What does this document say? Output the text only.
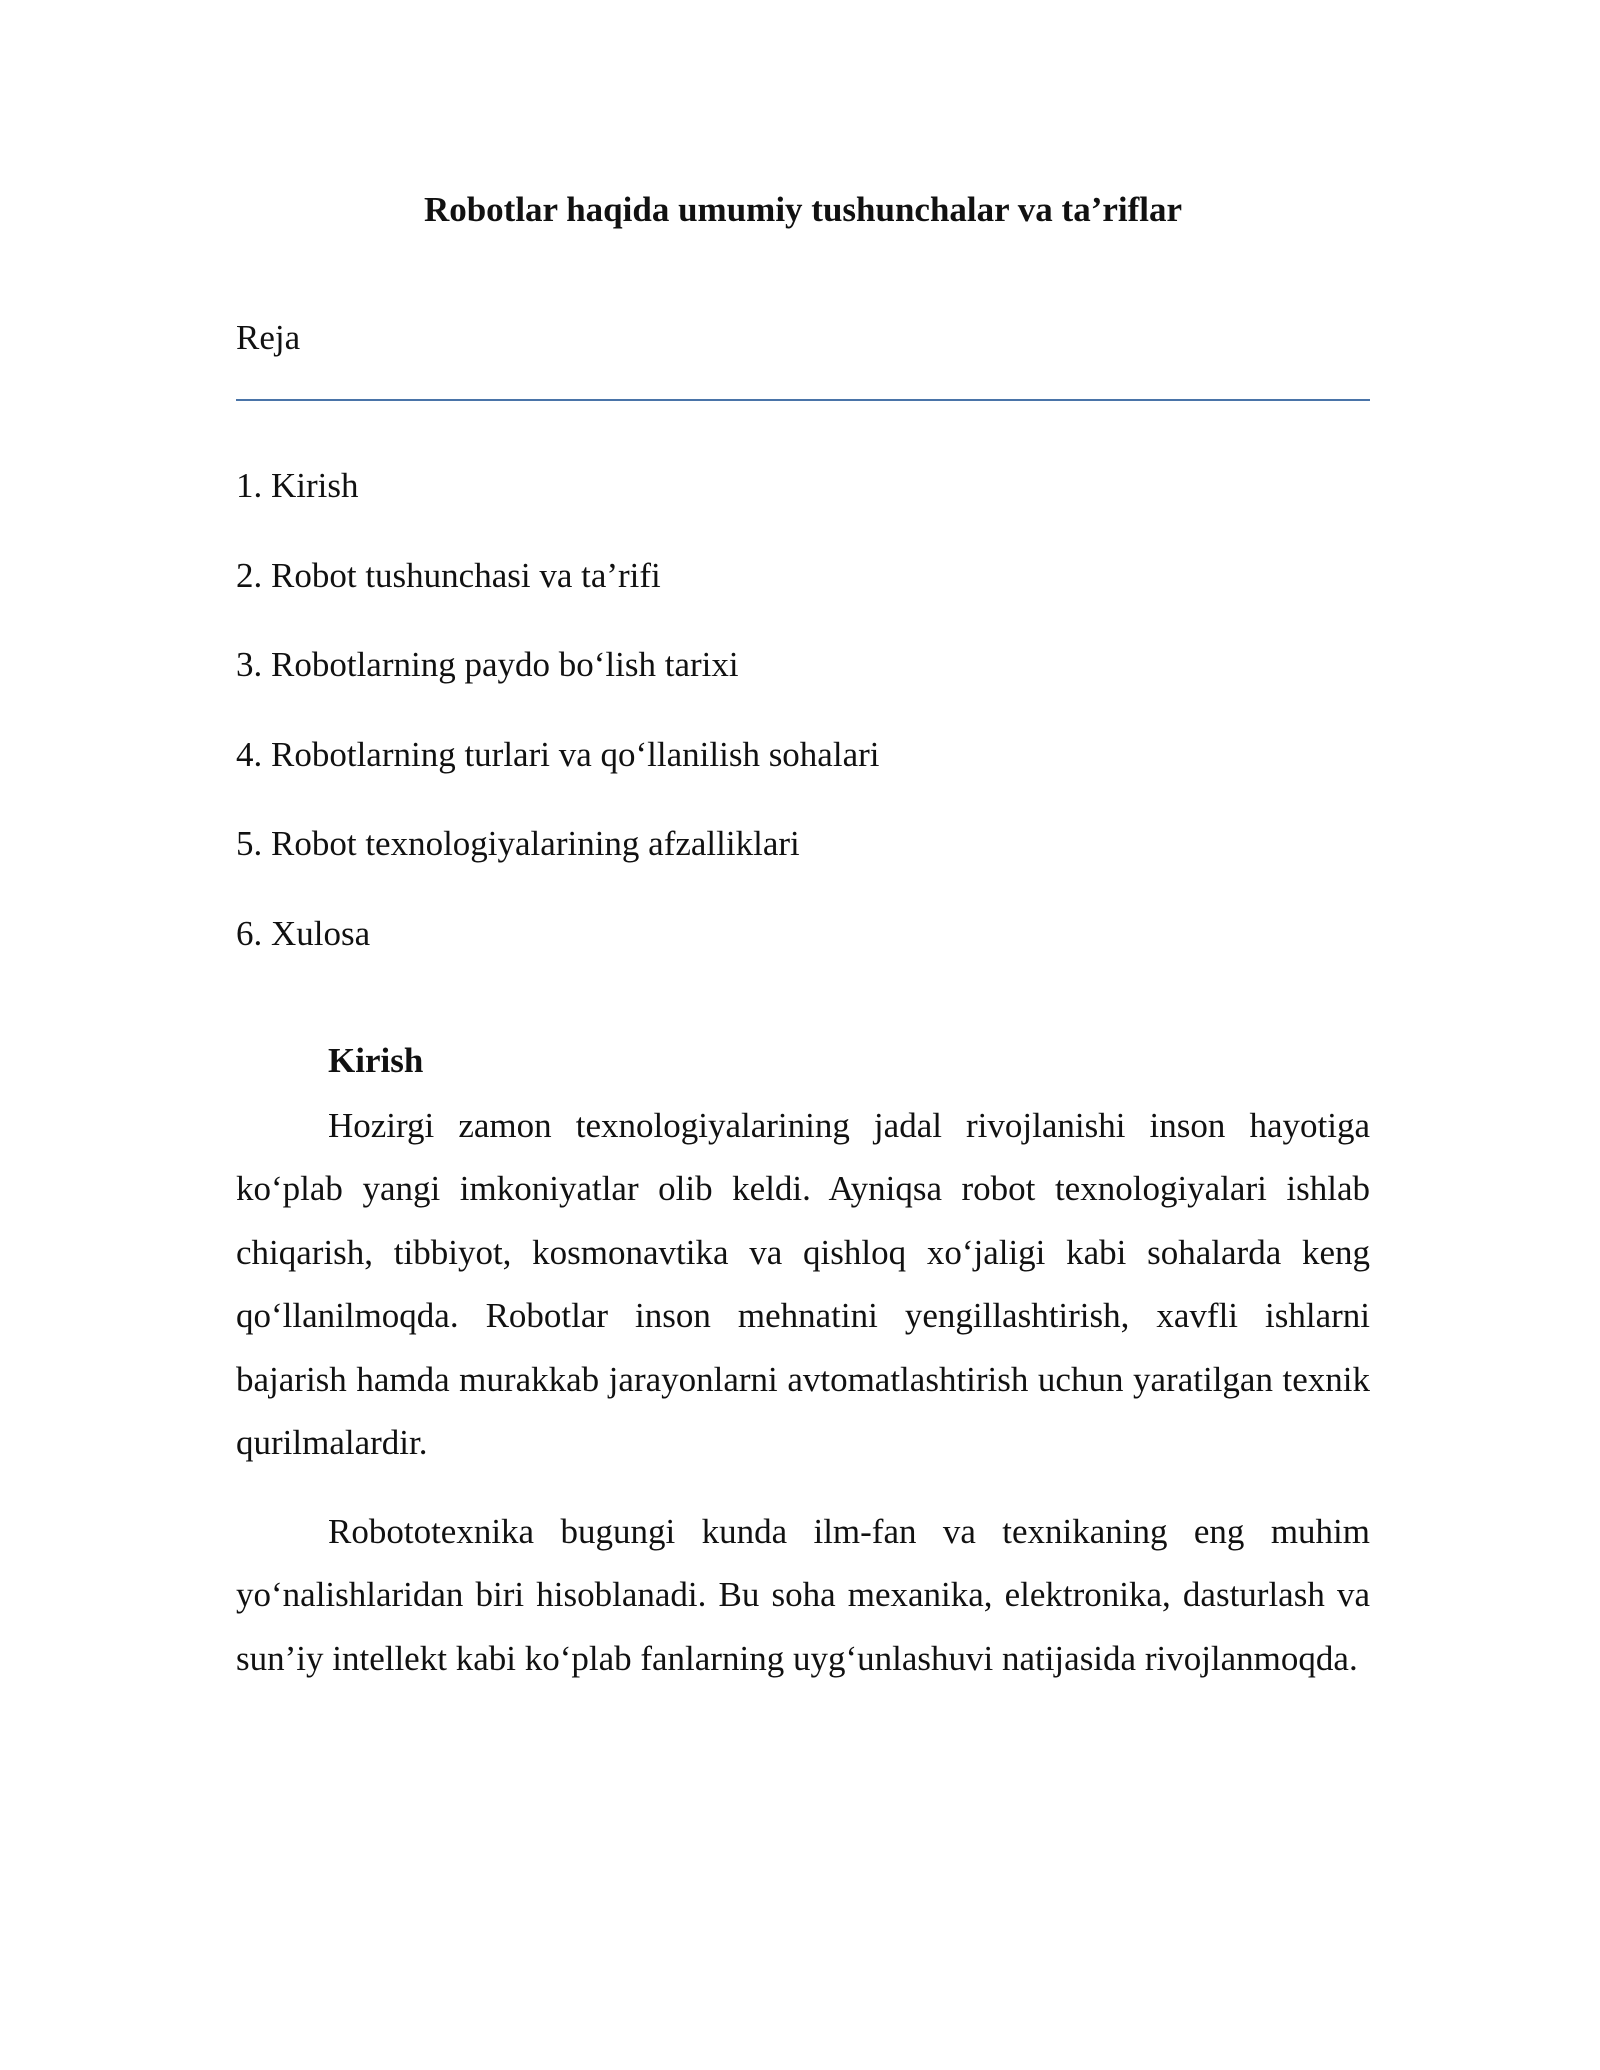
Robotlar haqida umumiy tushunchalar va ta’riflar

Reja

1. Kirish
2. Robot tushunchasi va ta’rifi
3. Robotlarning paydo bo‘lish tarixi
4. Robotlarning turlari va qo‘llanilish sohalari
5. Robot texnologiyalarining afzalliklari
6. Xulosa
Kirish

Hozirgi zamon texnologiyalarining jadal rivojlanishi inson hayotiga ko‘plab yangi imkoniyatlar olib keldi. Ayniqsa robot texnologiyalari ishlab chiqarish, tibbiyot, kosmonavtika va qishloq xo‘jaligi kabi sohalarda keng qo‘llanilmoqda. Robotlar inson mehnatini yengillashtirish, xavfli ishlarni bajarish hamda murakkab jarayonlarni avtomatlashtirish uchun yaratilgan texnik qurilmalardir.

Robototexnika bugungi kunda ilm-fan va texnikaning eng muhim yo‘nalishlaridan biri hisoblanadi. Bu soha mexanika, elektronika, dasturlash va sun’iy intellekt kabi ko‘plab fanlarning uyg‘unlashuvi natijasida rivojlanmoqda.
